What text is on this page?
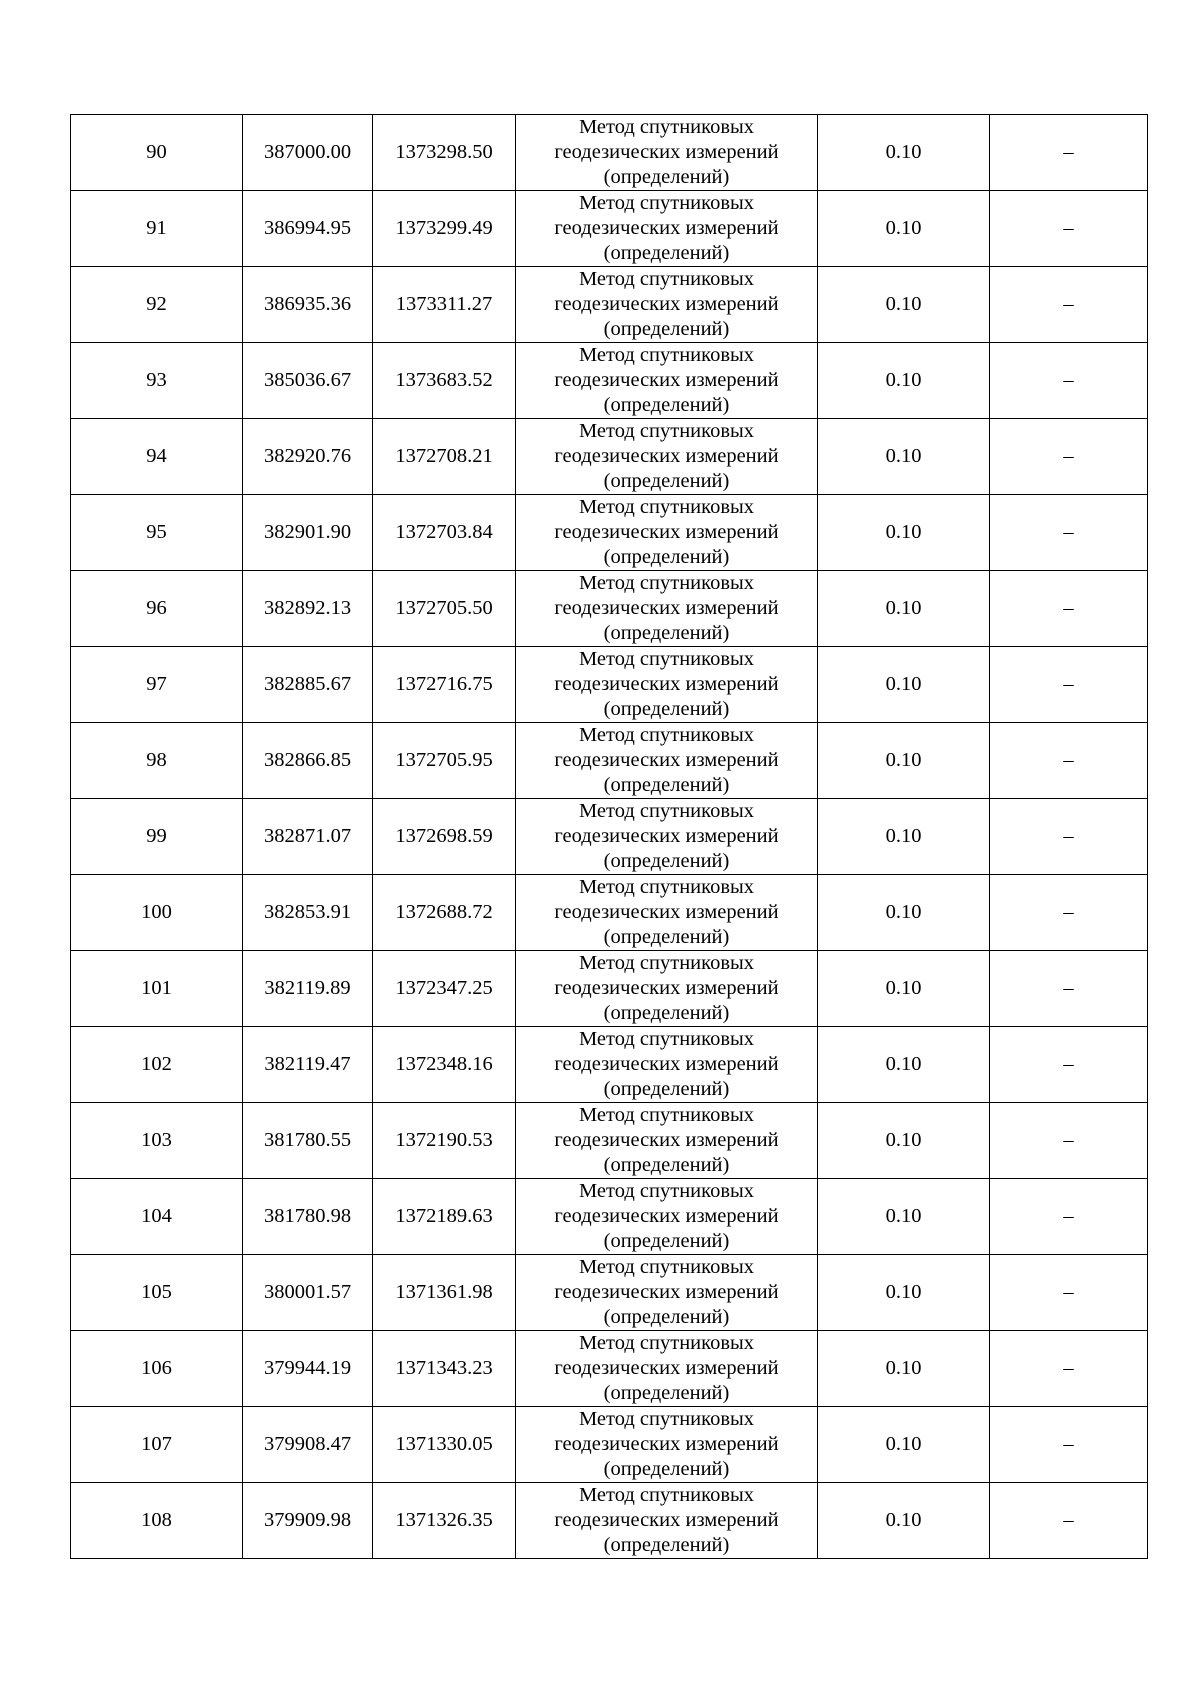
90	387000.00	1373298.50	Метод спутниковых геодезических измерений (определений)	0.10	–
91	386994.95	1373299.49	Метод спутниковых геодезических измерений (определений)	0.10	–
92	386935.36	1373311.27	Метод спутниковых геодезических измерений (определений)	0.10	–
93	385036.67	1373683.52	Метод спутниковых геодезических измерений (определений)	0.10	–
94	382920.76	1372708.21	Метод спутниковых геодезических измерений (определений)	0.10	–
95	382901.90	1372703.84	Метод спутниковых геодезических измерений (определений)	0.10	–
96	382892.13	1372705.50	Метод спутниковых геодезических измерений (определений)	0.10	–
97	382885.67	1372716.75	Метод спутниковых геодезических измерений (определений)	0.10	–
98	382866.85	1372705.95	Метод спутниковых геодезических измерений (определений)	0.10	–
99	382871.07	1372698.59	Метод спутниковых геодезических измерений (определений)	0.10	–
100	382853.91	1372688.72	Метод спутниковых геодезических измерений (определений)	0.10	–
101	382119.89	1372347.25	Метод спутниковых геодезических измерений (определений)	0.10	–
102	382119.47	1372348.16	Метод спутниковых геодезических измерений (определений)	0.10	–
103	381780.55	1372190.53	Метод спутниковых геодезических измерений (определений)	0.10	–
104	381780.98	1372189.63	Метод спутниковых геодезических измерений (определений)	0.10	–
105	380001.57	1371361.98	Метод спутниковых геодезических измерений (определений)	0.10	–
106	379944.19	1371343.23	Метод спутниковых геодезических измерений (определений)	0.10	–
107	379908.47	1371330.05	Метод спутниковых геодезических измерений (определений)	0.10	–
108	379909.98	1371326.35	Метод спутниковых геодезических измерений (определений)	0.10	–
